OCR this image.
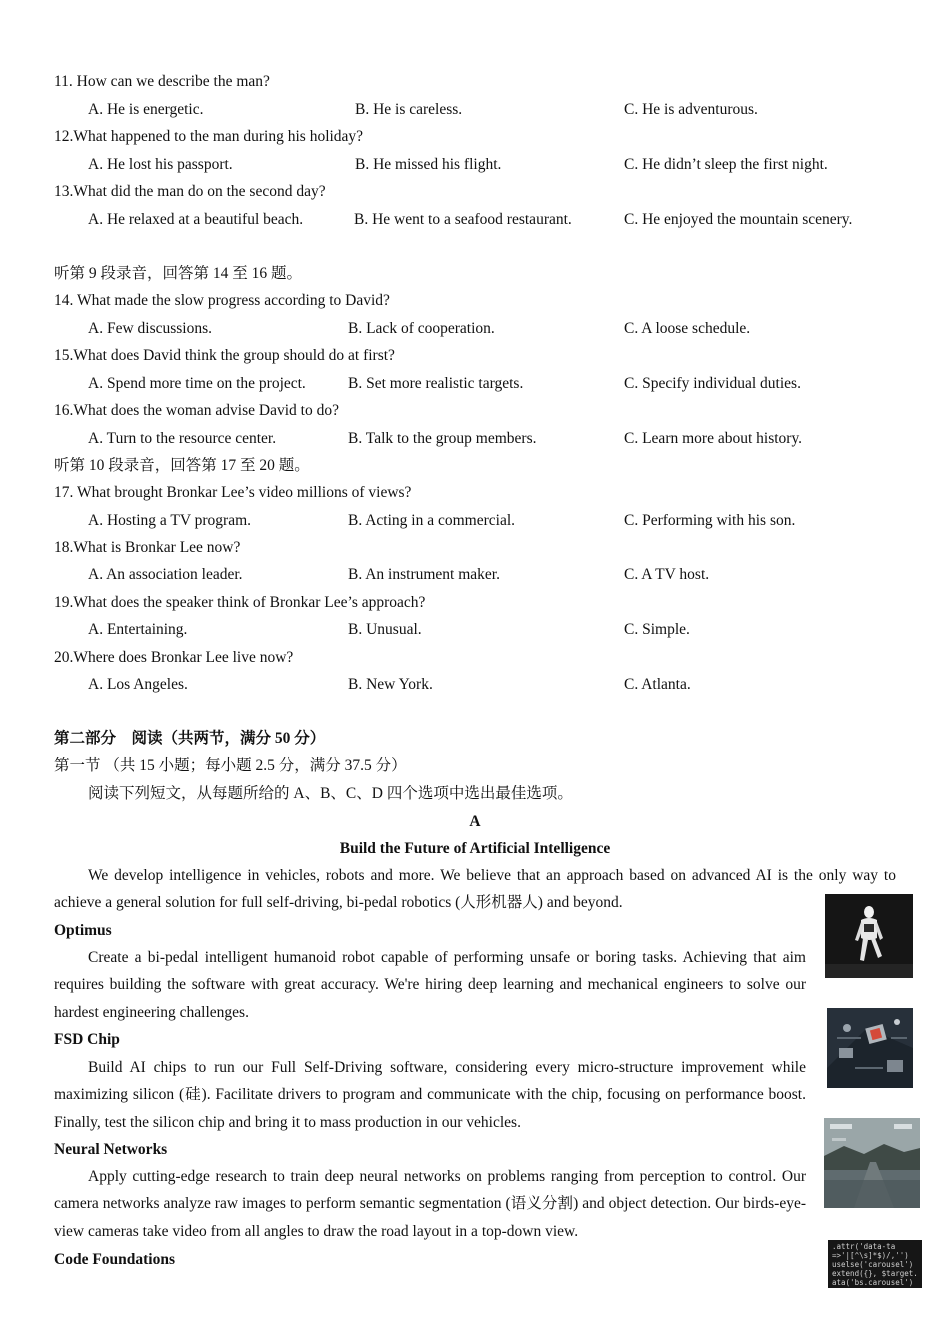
11. How can we describe the man?
A. He is energetic.	B. He is careless.	C. He is adventurous.
12.What happened to the man during his holiday?
A. He lost his passport.	B. He missed his flight.	C. He didn’t sleep the first night.
13.What did the man do on the second day?
A. He relaxed at a beautiful beach.	B. He went to a seafood restaurant.	C. He enjoyed the mountain scenery.
听第 9 段录音，回答第 14 至 16 题。
14. What made the slow progress according to David?
A. Few discussions.	B. Lack of cooperation.	C. A loose schedule.
15.What does David think the group should do at first?
A. Spend more time on the project.	B. Set more realistic targets.	C. Specify individual duties.
16.What does the woman advise David to do?
A. Turn to the resource center.	B. Talk to the group members.	C. Learn more about history.
听第 10 段录音，回答第 17 至 20 题。
17. What brought Bronkar Lee’s video millions of views?
A. Hosting a TV program.	B. Acting in a commercial.	C. Performing with his son.
18.What is Bronkar Lee now?
A. An association leader.	B. An instrument maker.	C. A TV host.
19.What does the speaker think of Bronkar Lee’s approach?
A. Entertaining.	B. Unusual.	C. Simple.
20.Where does Bronkar Lee live now?
A. Los Angeles.	B. New York.	C. Atlanta.
第二部分　阅读（共两节，满分 50 分）
第一节 （共 15 小题；每小题 2.5 分，满分 37.5 分）
阅读下列短文，从每题所给的 A、B、C、D 四个选项中选出最佳选项。
A
Build the Future of Artificial Intelligence
We develop intelligence in vehicles, robots and more. We believe that an approach based on advanced AI is the only way to achieve a general solution for full self-driving, bi-pedal robotics (人形机器人) and beyond.
Optimus
Create a bi-pedal intelligent humanoid robot capable of performing unsafe or boring tasks. Achieving that aim requires building the software with great accuracy. We're hiring deep learning and mechanical engineers to solve our hardest engineering challenges.
FSD Chip
Build AI chips to run our Full Self-Driving software, considering every micro-structure improvement while maximizing silicon (硅). Facilitate drivers to program and communicate with the chip, focusing on performance boost. Finally, test the silicon chip and bring it to mass production in our vehicles.
Neural Networks
Apply cutting-edge research to train deep neural networks on problems ranging from perception to control. Our camera networks analyze raw images to perform semantic segmentation (语义分割) and object detection. Our birds-eye-view cameras take video from all angles to draw the road layout in a top-down view.
Code Foundations
.attr('data-ta
=>'|[^\s]*$)/,'')
uselse('carousel')
extend({}, $target.
ata('bs.carousel')
